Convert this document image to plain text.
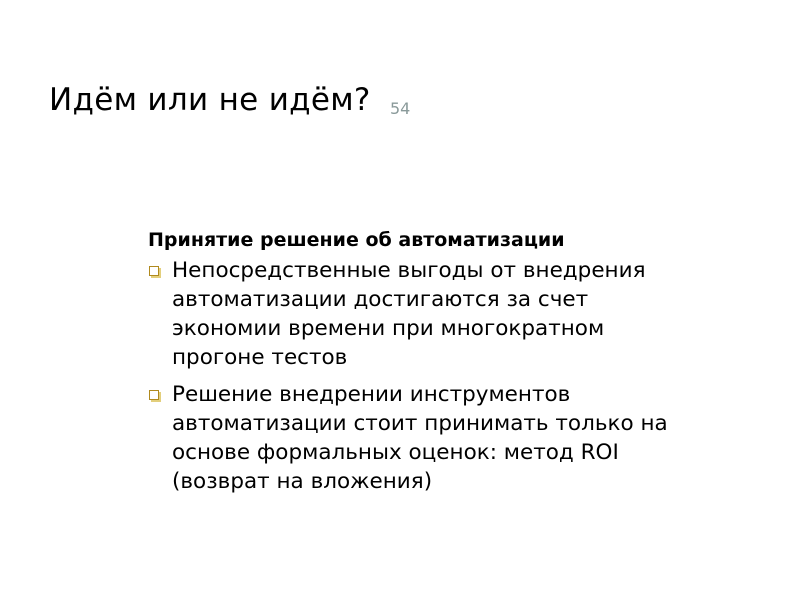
Идём или не идём? 54
Принятие решение об автоматизации
Непосредственные выгоды от внедрения автоматизации достигаются за счет экономии времени при многократном прогоне тестов
Решение внедрении инструментов автоматизации стоит принимать только на основе формальных оценок: метод ROI (возврат на вложения)
